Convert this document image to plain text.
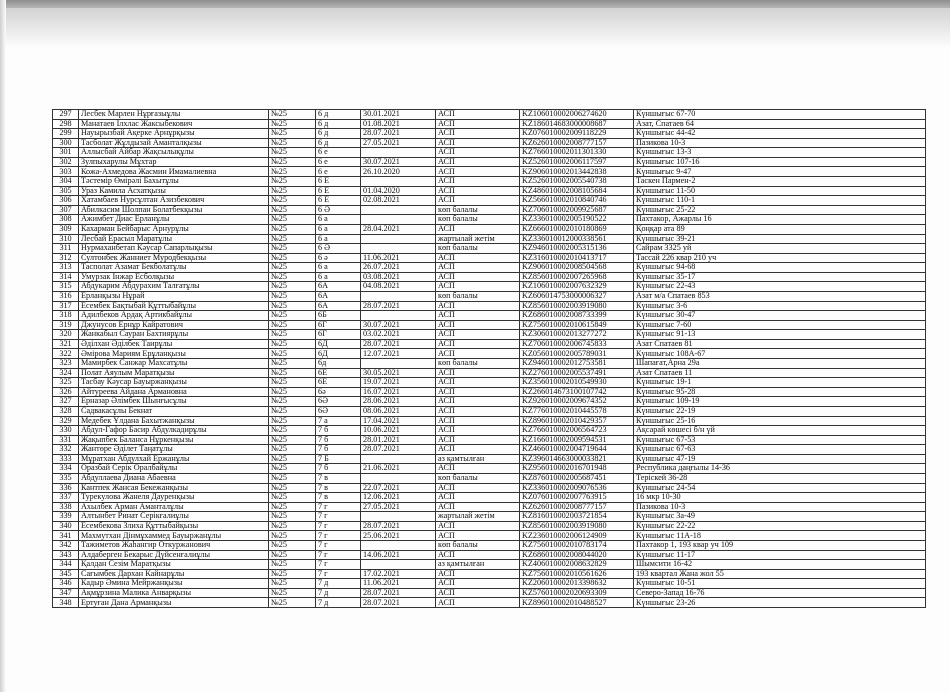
297	Лесбек Марлен Нұрғазыұлы	№25	6 д	30.01.2021	АСП	KZ106010002006274620	Күншығыс 67-70
298	Манатаев Ілхлас Жаксыбекович	№25	6 д	01.08.2021	АСП	KZ186014683000008687	Азат, Спатаев 64
299	Науырызбай Ақерке Арнұрқызы	№25	6 д	28.07.2021	АСП	KZ076010002009118229	Күншығыс 44-42
300	Тасболат Жұлдызай Аманталқызы	№25	6 д	27.05.2021	АСП	KZ626010002008777157	Пазикова 10-3
301	Аллысбай Айбар Жақсылықұлы	№25	6 е		АСП	KZ766010002011301330	Күншығыс 13-3
302	Зулпыхарулы Мұхтар	№25	6 е	30.07.2021	АСП	KZ526010002006117597	Күншығыс 107-16
303	Кожа-Ахмедова Жасмин Имамалиевна	№25	6 е	26.10.2020	АСП	KZ906010002013442838	Күншығыс 9-47
304	Тәстемір Өмірәлі Бахытұлы	№25	6 Е		АСП	KZ526010002005540738	Таскен Пармен-2
305	Ураз Камила Асхатқызы	№25	6 Е	01.04.2020	АСП	KZ486010002008105684	Күншығыс 11-50
306	Хатамбаев Нурсұлтан Азизбекович	№25	6 Е	02.08.2021	АСП	KZ566010002010840746	Күншығыс 110-1
307	Абилкасим Шолпан Болатбекқызы	№25	6 Ә		көп балалы	KZ706010002009925687	Күншығыс 25-22
308	Ажимбет Диас Ерланұлы	№25	6 а		көп балалы	KZ336010002005190522	Пахтакор, Ажарлы 16
309	Кахарман Бейбарыс Арнурұлы	№25	6 а	28.04.2021	АСП	KZ666010002010180869	Қоңқар ата 89
310	Лесбай Ерасыл Маратұлы	№25	6 а		жартылай жетім	KZ336010012000338561	Күншығыс 39-21
311	Нурмаханбетап Кәусар Сапарлықызы	№25	6 Ә		көп балалы	KZ946010002005315136	Сайрам 3325 уй
312	Султонбек Жанниет Муродбекқызы	№25	6 ә	11.06.2021	АСП	KZ316010002010413717	Тассай 226 квар 210 уч
313	Тасполат Азамат Бекболатұлы	№25	6 а	26.07.2021	АСП	KZ906010002008504568	Күншығыс 94-68
314	Умурзак Інжар Есболқызы	№25	6 а	03.08.2021	АСП	KZ856010002007265968	Күншығыс 35-17
315	Абдукарим Абдурахим Талғатұлы	№25	6А	04.08.2021	АСП	KZ106010002007632329	Күншығыс 22-43
316	Ерланқызы Нұрай	№25	6А		көп балалы	KZ606014753000006327	Азат м/а Спатаев 853
317	Есембек Бақтыбай Құттыбайұлы	№25	6А	28.07.2021	АСП	KZ856010002003919080	Күншығыс 3-6
318	Адилбеков Ардақ Артикбайұлы	№25	6Б		АСП	KZ686010002008733399	Күншығыс 30-47
319	Джунусов Ернұр Кайратович	№25	6Г	30.07.2021	АСП	KZ756010002010615849	Күншығыс 7-60
320	Жанкабыл Сауран Бахтиярұлы	№25	6Г	03.02.2021	АСП	KZ306010002013277272	Күншығыс 91-13
321	Әділхан Әділбек Таирұлы	№25	6Д	28.07.2021	АСП	KZ706010002006745833	Азат Спатаев 81
322	Әмірова Мариям Ерұланқызы	№25	6Д	12.07.2021	АСП	KZ056010002005789031	Күншығыс 108А-67
323	Мамирбек Санжар Махсатұлы	№25	6д		көп балалы	KZ946010002012753581	Шапағат,Арна 29а
324	Полат Аяулым Маратқызы	№25	6Е	30.05.2021	АСП	KZ276010002005537491	Азат Спатаев 11
325	Тасбау Кәусар Бауыржанқызы	№25	6Е	19.07.2021	АСП	KZ356010002010549930	Күншығыс 19-1
326	Айтуреева Айдана Армановна	№25	6ә	16.07.2021	АСП	KZ266014673100107742	Күншығыс 95-28
327	Ерназар Әлімбек Шынғысұлы	№25	6Ә	28.06.2021	АСП	KZ926010002009674352	Күншығыс 109-19
328	Садвакасұлы Бекнат	№25	6Ә	08.06.2021	АСП	KZ776010002010445578	Күншығыс 22-19
329	Медебек Ұлдана Бахытжанқызы	№25	7 а	17.04.2021	АСП	KZ896010002010429357	Күншығыс 25-16
330	Абдул-Гафор Басир Абдулкадирұлы	№25	7 б	10.06.2021	АСП	KZ766010002006564723	Ақсарай көшесі б/н үй
331	Жақыпбек Баланса Нұркенқызы	№25	7 б	28.01.2021	АСП	KZ166010002009594531	Күншығыс 67-53
332	Жантөре Әділет Таңатұлы	№25	7 б	28.07.2021	АСП	KZ466010002004719644	Күншығыс 67-63
333	Мұратхан Абдулхай Ержанұлы	№25	7 Б		аз қамтылған	KZ396014663000033821	Күншығыс 47-19
334	Оразбай Серік Оралбайұлы	№25	7 б	21.06.2021	АСП	KZ956010002016701948	Республика даңғылы 14-36
335	Абдуллаева Диана Абаевна	№25	7 в		көп балалы	KZ876010002005687451	Терiскей 36-28
336	Кантпек Жансая Бекежанқызы	№25	7 в	22.07.2021	АСП	KZ336010002009076536	Күншығыс 24-54
337	Турекулова Жанеля Дауренқызы	№25	7 в	12.06.2021	АСП	KZ076010002007763915	16 мкр 10-30
338	Ахылбек Арман Аманталұлы	№25	7 г	27.05.2021	АСП	KZ626010002008777157	Пазикова 10-3
339	Алтынбет Ринат Серікғалиұлы	№25	7 г		жартылай жетім	KZ816010002003721854	Күншығыс 3а-49
340	Есембекова Злиха Құттыбайқызы	№25	7 г	28.07.2021	АСП	KZ856010002003919080	Күншығыс 22-22
341	Махмутхан Дінмұхаммед Бауыржанұлы	№25	7 г	25.06.2021	АСП	KZ236010002006124909	Күншығыс 11А-18
342	Тажиметов Жаһангир Откуржанович	№25	7 г		көп балалы	KZ756010002010783174	Пахтакор 1, 193 квар уч 109
343	Алдаберген Бекарыс Дүйсенғалиұлы	№25	7 г	14.06.2021	АСП	KZ686010002008044020	Күншығыс 11-17
344	Қалдан Сезім Маратқызы	№25	7 г		аз қамтылған	KZ406010002008632829	Шымсити 16-42
345	Сағымбек Дархан Кайнарұлы	№25	7 г	17.02.2021	АСП	KZ756010002010561626	193 квартал Жана жол 55
346	Кадыр Әмина Мейржанқызы	№25	7 д	11.06.2021	АСП	KZ206010002013398632	Күншығыс 10-51
347	Ақмұрзина Малика Анварқызы	№25	7 д	28.07.2021	АСП	KZ576010002020693309	Северо-Запад 16-76
348	Ертуған Дана Арманқызы	№25	7 д	28.07.2021	АСП	KZ896010002010488527	Күншығыс 23-26
